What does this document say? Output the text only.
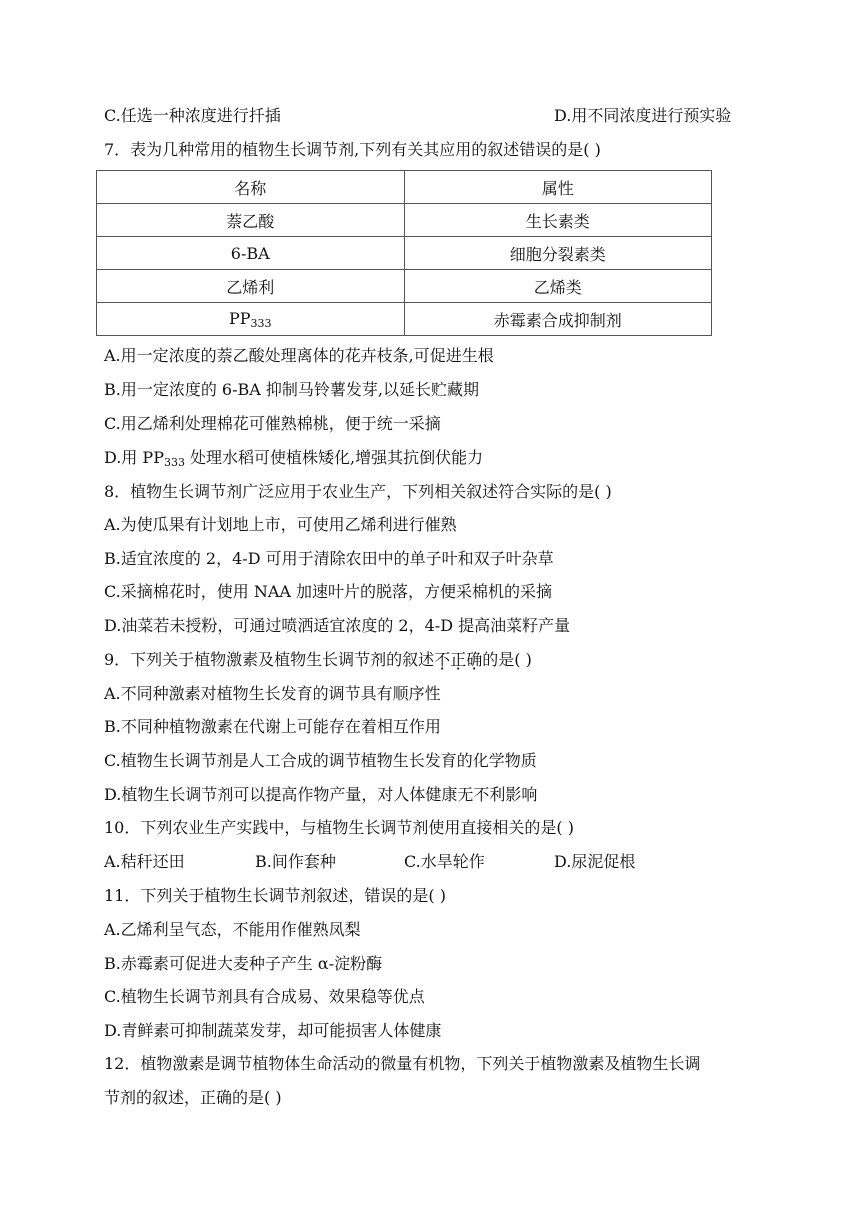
C.任选一种浓度进行扦插	D.用不同浓度进行预实验
7．表为几种常用的植物生长调节剂,下列有关其应用的叙述错误的是( )
名称	属性
萘乙酸	生长素类
6-BA	细胞分裂素类
乙烯利	乙烯类
$PP_{333}$	赤霉素合成抑制剂
A.用一定浓度的萘乙酸处理离体的花卉枝条,可促进生根
B.用一定浓度的 6-BA 抑制马铃薯发芽,以延长贮藏期
C.用乙烯利处理棉花可催熟棉桃，便于统一采摘
D.用 $PP_{333}$ 处理水稻可使植株矮化,增强其抗倒伏能力
8．植物生长调节剂广泛应用于农业生产，下列相关叙述符合实际的是( )
A.为使瓜果有计划地上市，可使用乙烯利进行催熟
B.适宜浓度的 2，4-D 可用于清除农田中的单子叶和双子叶杂草
C.采摘棉花时，使用 NAA 加速叶片的脱落，方便采棉机的采摘
D.油菜若未授粉，可通过喷洒适宜浓度的 2，4-D 提高油菜籽产量
9．下列关于植物激素及植物生长调节剂的叙述不正确的是( )
A.不同种激素对植物生长发育的调节具有顺序性
B.不同种植物激素在代谢上可能存在着相互作用
C.植物生长调节剂是人工合成的调节植物生长发育的化学物质
D.植物生长调节剂可以提高作物产量，对人体健康无不利影响
10．下列农业生产实践中，与植物生长调节剂使用直接相关的是( )
A.秸秆还田	B.间作套种	C.水旱轮作	D.尿泥促根
11．下列关于植物生长调节剂叙述，错误的是( )
A.乙烯利呈气态，不能用作催熟凤梨
B.赤霉素可促进大麦种子产生 α-淀粉酶
C.植物生长调节剂具有合成易、效果稳等优点
D.青鲜素可抑制蔬菜发芽，却可能损害人体健康
12．植物激素是调节植物体生命活动的微量有机物，下列关于植物激素及植物生长调
节剂的叙述，正确的是( )
